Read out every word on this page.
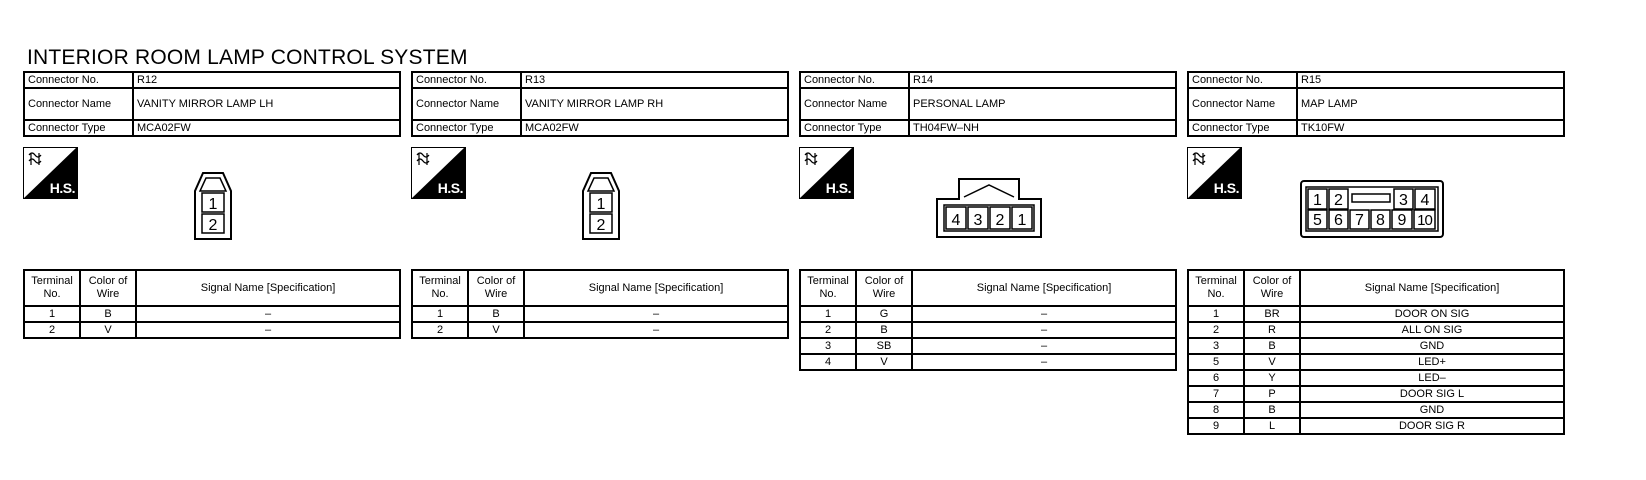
INTERIOR ROOM LAMP CONTROL SYSTEM
Connector No.	R12
Connector Name	VANITY MIRROR LAMP LH
Connector Type	MCA02FW
H.S.
1
2
Terminal No.	Color of Wire	Signal Name [Specification]
1	B	–
2	V	–
Connector No.	R13
Connector Name	VANITY MIRROR LAMP RH
Connector Type	MCA02FW
H.S.
1
2
Terminal No.	Color of Wire	Signal Name [Specification]
1	B	–
2	V	–
Connector No.	R14
Connector Name	PERSONAL LAMP
Connector Type	TH04FW–NH
H.S.
4 3 2 1
Terminal No.	Color of Wire	Signal Name [Specification]
1	G	–
2	B	–
3	SB	–
4	V	–
Connector No.	R15
Connector Name	MAP LAMP
Connector Type	TK10FW
H.S.
1 2	3 4
5 6 7 8 9 10
Terminal No.	Color of Wire	Signal Name [Specification]
1	BR	DOOR ON SIG
2	R	ALL ON SIG
3	B	GND
5	V	LED+
6	Y	LED–
7	P	DOOR SIG L
8	B	GND
9	L	DOOR SIG R
